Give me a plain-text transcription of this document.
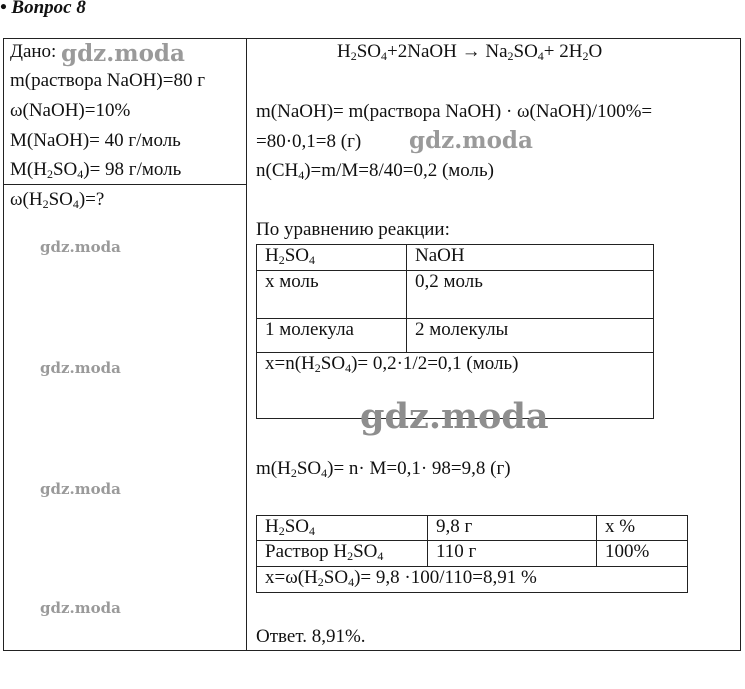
• Вопрос 8
Дано:
m(раствора NaOH)=80 г
ω(NaOH)=10%
M(NaOH)= 40 г/моль
$M(H_2SO_4)= 98$ г/моль
$\omega(H_2SO_4)=$?
$H_2SO_4+2NaOH \to Na_2SO_4+ 2H_2O$
m(NaOH)= m(раствора NaOH) · ω(NaOH)/100%=
=80·0,1=8 (г)
$n(CH_4)=m/M=8/40=0,2$ (моль)
По уравнению реакции:
$H_2SO_4$	NaOH
x моль	0,2 моль
1 молекула	2 молекулы
$x=n(H_2SO_4)= 0,2\cdot 1/2=0,1$ (моль)	
$m(H_2SO_4)= n\cdot M=0,1\cdot 98=9,8$ (г)
$H_2SO_4$	9,8 г	x %
Раствор $H_2SO_4$	110 г	100%
$x=\omega(H_2SO_4)= 9,8 \cdot 100/110=8,91$ %		
Ответ. 8,91%.
gdz.moda
gdz.moda
gdz.moda
gdz.moda
gdz.moda
gdz.moda
gdz.moda
